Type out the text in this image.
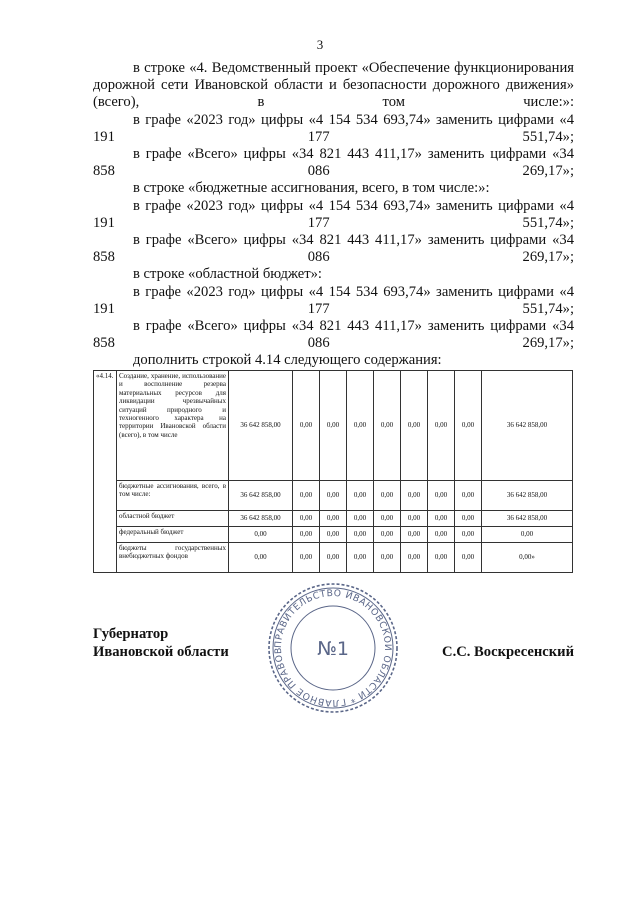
3

в строке «4. Ведомственный проект «Обеспечение функционирования дорожной сети Ивановской области и безопасности дорожного движения» (всего), в том числе:»:

в графе «2023 год» цифры «4 154 534 693,74» заменить цифрами «4 191 177 551,74»;

в графе «Всего» цифры «34 821 443 411,17» заменить цифрами «34 858 086 269,17»;

в строке «бюджетные ассигнования, всего, в том числе:»:

в графе «2023 год» цифры «4 154 534 693,74» заменить цифрами «4 191 177 551,74»;

в графе «Всего» цифры «34 821 443 411,17» заменить цифрами «34 858 086 269,17»;

в строке «областной бюджет»:

в графе «2023 год» цифры «4 154 534 693,74» заменить цифрами «4 191 177 551,74»;

в графе «Всего» цифры «34 821 443 411,17» заменить цифрами «34 858 086 269,17»;

дополнить строкой 4.14 следующего содержания:

«4.14.	Создание, хранение, использование и восполнение резерва материальных ресурсов для ликвидации чрезвычайных ситуаций природного и техногенного характера на территории Ивановской области (всего), в том числе	36 642 858,00	0,00	0,00	0,00	0,00	0,00	0,00	0,00	36 642 858,00
	бюджетные ассигнования, всего, в том числе:	36 642 858,00	0,00	0,00	0,00	0,00	0,00	0,00	0,00	36 642 858,00
	областной бюджет	36 642 858,00	0,00	0,00	0,00	0,00	0,00	0,00	0,00	36 642 858,00
	федеральный бюджет	0,00	0,00	0,00	0,00	0,00	0,00	0,00	0,00	0,00
	бюджеты государственных внебюджетных фондов	0,00	0,00	0,00	0,00	0,00	0,00	0,00	0,00	0,00»
Губернатор
Ивановской области	С.С. Воскресенский
ПРАВИТЕЛЬСТВО ИВАНОВСКОЙ ОБЛАСТИ * ГЛАВНОЕ ПРАВОВ	№1
